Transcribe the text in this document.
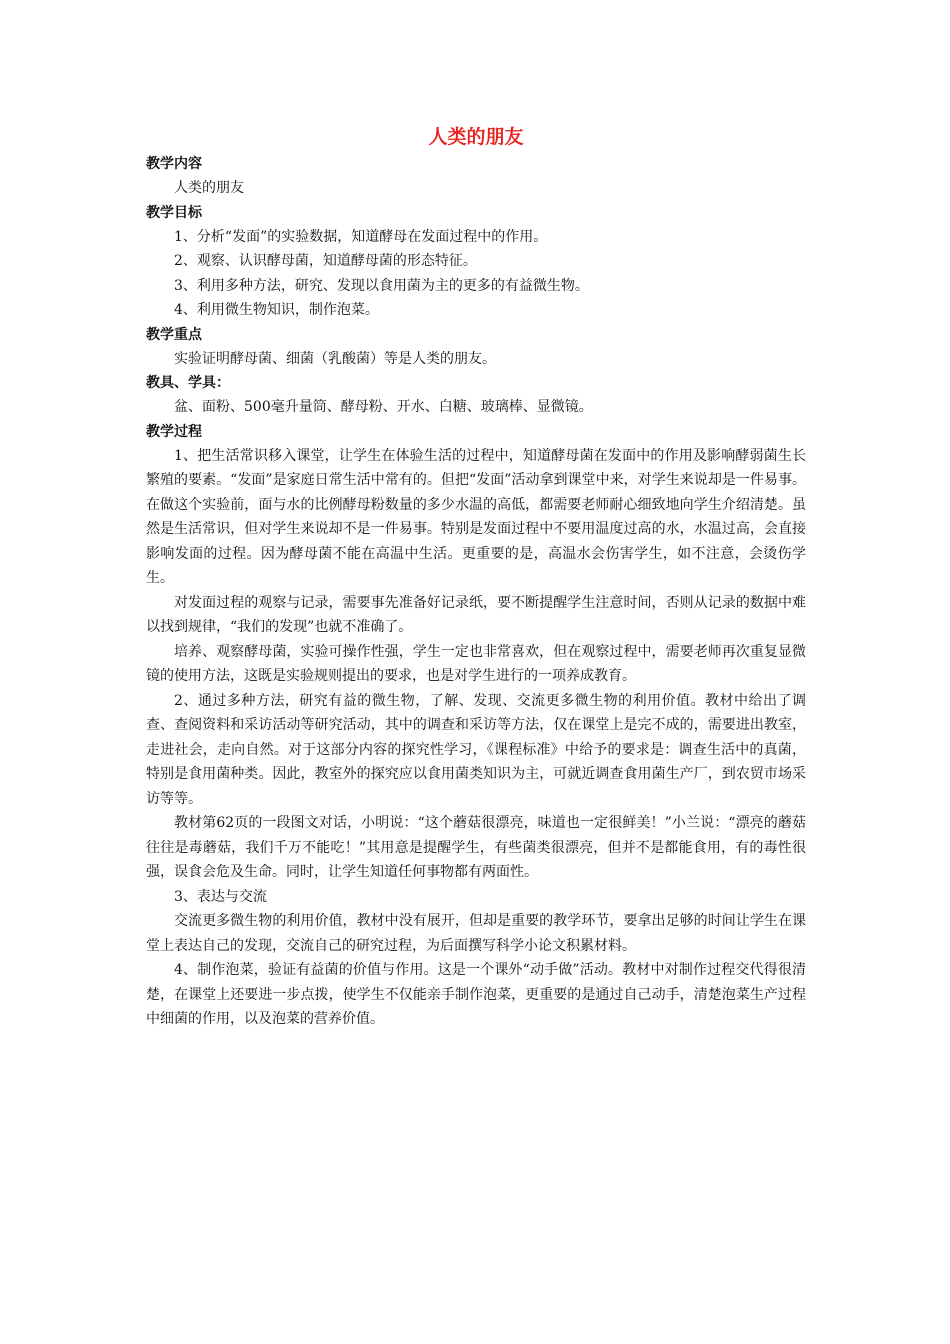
人类的朋友
教学内容

人类的朋友

教学目标

1、分析“发面”的实验数据，知道酵母在发面过程中的作用。

2、观察、认识酵母菌，知道酵母菌的形态特征。

3、利用多种方法，研究、发现以食用菌为主的更多的有益微生物。

4、利用微生物知识，制作泡菜。

教学重点

实验证明酵母菌、细菌（乳酸菌）等是人类的朋友。

教具、学具：

盆、面粉、500毫升量筒、酵母粉、开水、白糖、玻璃棒、显微镜。

教学过程

1、把生活常识移入课堂，让学生在体验生活的过程中，知道酵母菌在发面中的作用及影响酵弱菌生长繁殖的要素。“发面”是家庭日常生活中常有的。但把“发面”活动拿到课堂中来，对学生来说却是一件易事。在做这个实验前，面与水的比例酵母粉数量的多少水温的高低，都需要老师耐心细致地向学生介绍清楚。虽然是生活常识，但对学生来说却不是一件易事。特别是发面过程中不要用温度过高的水，水温过高，会直接影响发面的过程。因为酵母菌不能在高温中生活。更重要的是，高温水会伤害学生，如不注意，会烫伤学生。

对发面过程的观察与记录，需要事先准备好记录纸，要不断提醒学生注意时间，否则从记录的数据中难以找到规律，“我们的发现”也就不准确了。

培养、观察酵母菌，实验可操作性强，学生一定也非常喜欢，但在观察过程中，需要老师再次重复显微镜的使用方法，这既是实验规则提出的要求，也是对学生进行的一项养成教育。

2、通过多种方法，研究有益的微生物，了解、发现、交流更多微生物的利用价值。教材中给出了调查、查阅资料和采访活动等研究活动，其中的调查和采访等方法，仅在课堂上是完不成的，需要进出教室，走进社会，走向自然。对于这部分内容的探究性学习，《课程标准》中给予的要求是：调查生活中的真菌，特别是食用菌种类。因此，教室外的探究应以食用菌类知识为主，可就近调查食用菌生产厂，到农贸市场采访等等。

教材第62页的一段图文对话，小明说：“这个蘑菇很漂亮，味道也一定很鲜美！”小兰说：“漂亮的蘑菇往往是毒蘑菇，我们千万不能吃！”其用意是提醒学生，有些菌类很漂亮，但并不是都能食用，有的毒性很强，误食会危及生命。同时，让学生知道任何事物都有两面性。

3、表达与交流

交流更多微生物的利用价值，教材中没有展开，但却是重要的教学环节，要拿出足够的时间让学生在课堂上表达自己的发现，交流自己的研究过程，为后面撰写科学小论文积累材料。

4、制作泡菜，验证有益菌的价值与作用。这是一个课外“动手做”活动。教材中对制作过程交代得很清楚，在课堂上还要进一步点拨，使学生不仅能亲手制作泡菜，更重要的是通过自己动手，清楚泡菜生产过程中细菌的作用，以及泡菜的营养价值。
